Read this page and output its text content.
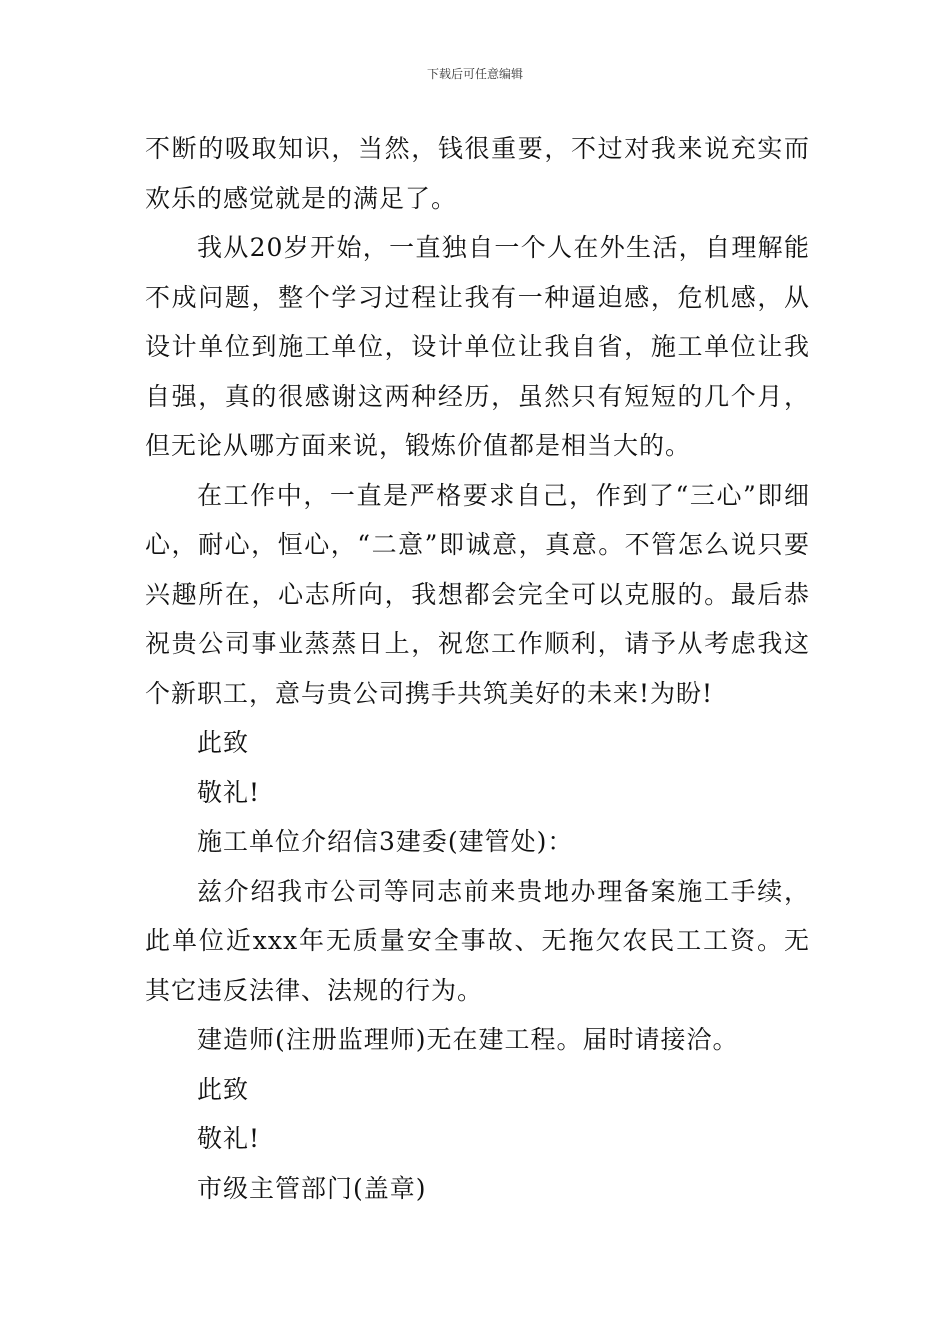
下载后可任意编辑

不断的吸取知识，当然，钱很重要，不过对我来说充实而欢乐的感觉就是的满足了。

我从20岁开始，一直独自一个人在外生活，自理解能不成问题，整个学习过程让我有一种逼迫感，危机感，从设计单位到施工单位，设计单位让我自省，施工单位让我自强，真的很感谢这两种经历，虽然只有短短的几个月，但无论从哪方面来说，锻炼价值都是相当大的。

在工作中，一直是严格要求自己，作到了“三心”即细心，耐心，恒心，“二意”即诚意，真意。不管怎么说只要兴趣所在，心志所向，我想都会完全可以克服的。最后恭祝贵公司事业蒸蒸日上，祝您工作顺利，请予从考虑我这个新职工，意与贵公司携手共筑美好的未来!为盼!

此致

敬礼!

施工单位介绍信3建委(建管处)：

兹介绍我市公司等同志前来贵地办理备案施工手续，此单位近xxx年无质量安全事故、无拖欠农民工工资。无其它违反法律、法规的行为。

建造师(注册监理师)无在建工程。届时请接洽。

此致

敬礼!

市级主管部门(盖章)
